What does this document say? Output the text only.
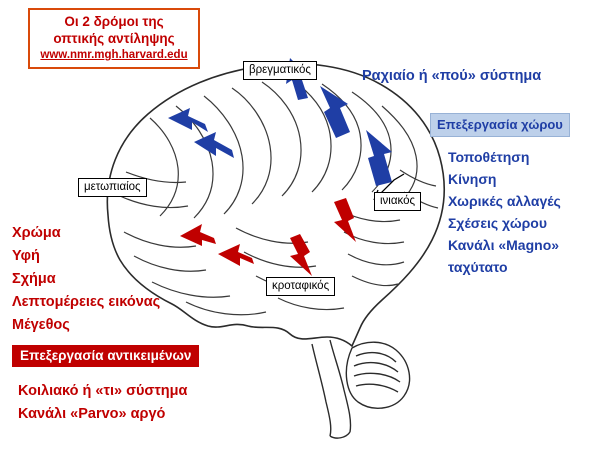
Οι 2 δρόμοι της
οπτικής αντίληψης
www.nmr.mgh.harvard.edu
βρεγματικός
μετωπιαίος
ινιακός
κροταφικός
Ραχιαίο ή «πού» σύστημα
Επεξεργασία χώρου
Τοποθέτηση
Κίνηση
Χωρικές αλλαγές
Σχέσεις χώρου
Κανάλι «Magno»
ταχύτατο
Χρώμα
Υφή
Σχήμα
Λεπτομέρειες εικόνας
Μέγεθος
Επεξεργασία αντικειμένων
Κοιλιακό ή «τι» σύστημα
Κανάλι «Parvo» αργό
